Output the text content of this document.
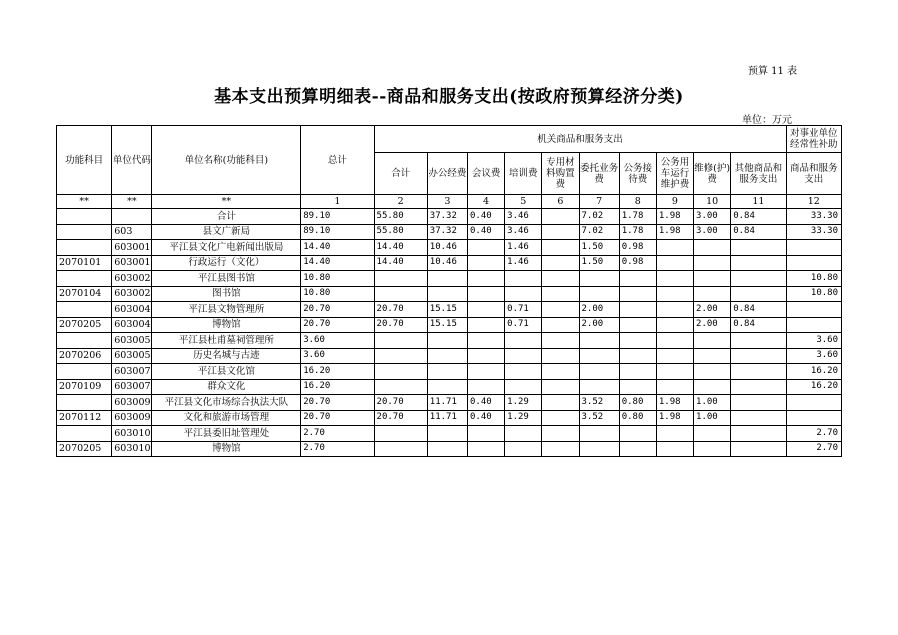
预算 11 表
基本支出预算明细表--商品和服务支出(按政府预算经济分类)
单位：万元
功能科目	单位代码	单位名称(功能科目)	总计	机关商品和服务支出										对事业单位经常性补助
				合计	办公经费	会议费	培训费	专用材料购置费	委托业务费	公务接待费	公务用车运行维护费	维修(护)费	其他商品和服务支出	商品和服务支出
**	**	**	1	2	3	4	5	6	7	8	9	10	11	12
		合计	89.10	55.80	37.32	0.40	3.46		7.02	1.78	1.98	3.00	0.84	33.30
	603	县文广新局	89.10	55.80	37.32	0.40	3.46		7.02	1.78	1.98	3.00	0.84	33.30
	603001	平江县文化广电新闻出版局	14.40	14.40	10.46		1.46		1.50	0.98				
2070101	603001	行政运行（文化）	14.40	14.40	10.46		1.46		1.50	0.98				
	603002	平江县图书馆	10.80											10.80
2070104	603002	图书馆	10.80											10.80
	603004	平江县文物管理所	20.70	20.70	15.15		0.71		2.00			2.00	0.84	
2070205	603004	博物馆	20.70	20.70	15.15		0.71		2.00			2.00	0.84	
	603005	平江县杜甫墓祠管理所	3.60											3.60
2070206	603005	历史名城与古迹	3.60											3.60
	603007	平江县文化馆	16.20											16.20
2070109	603007	群众文化	16.20											16.20
	603009	平江县文化市场综合执法大队	20.70	20.70	11.71	0.40	1.29		3.52	0.80	1.98	1.00		
2070112	603009	文化和旅游市场管理	20.70	20.70	11.71	0.40	1.29		3.52	0.80	1.98	1.00		
	603010	平江县委旧址管理处	2.70											2.70
2070205	603010	博物馆	2.70											2.70
